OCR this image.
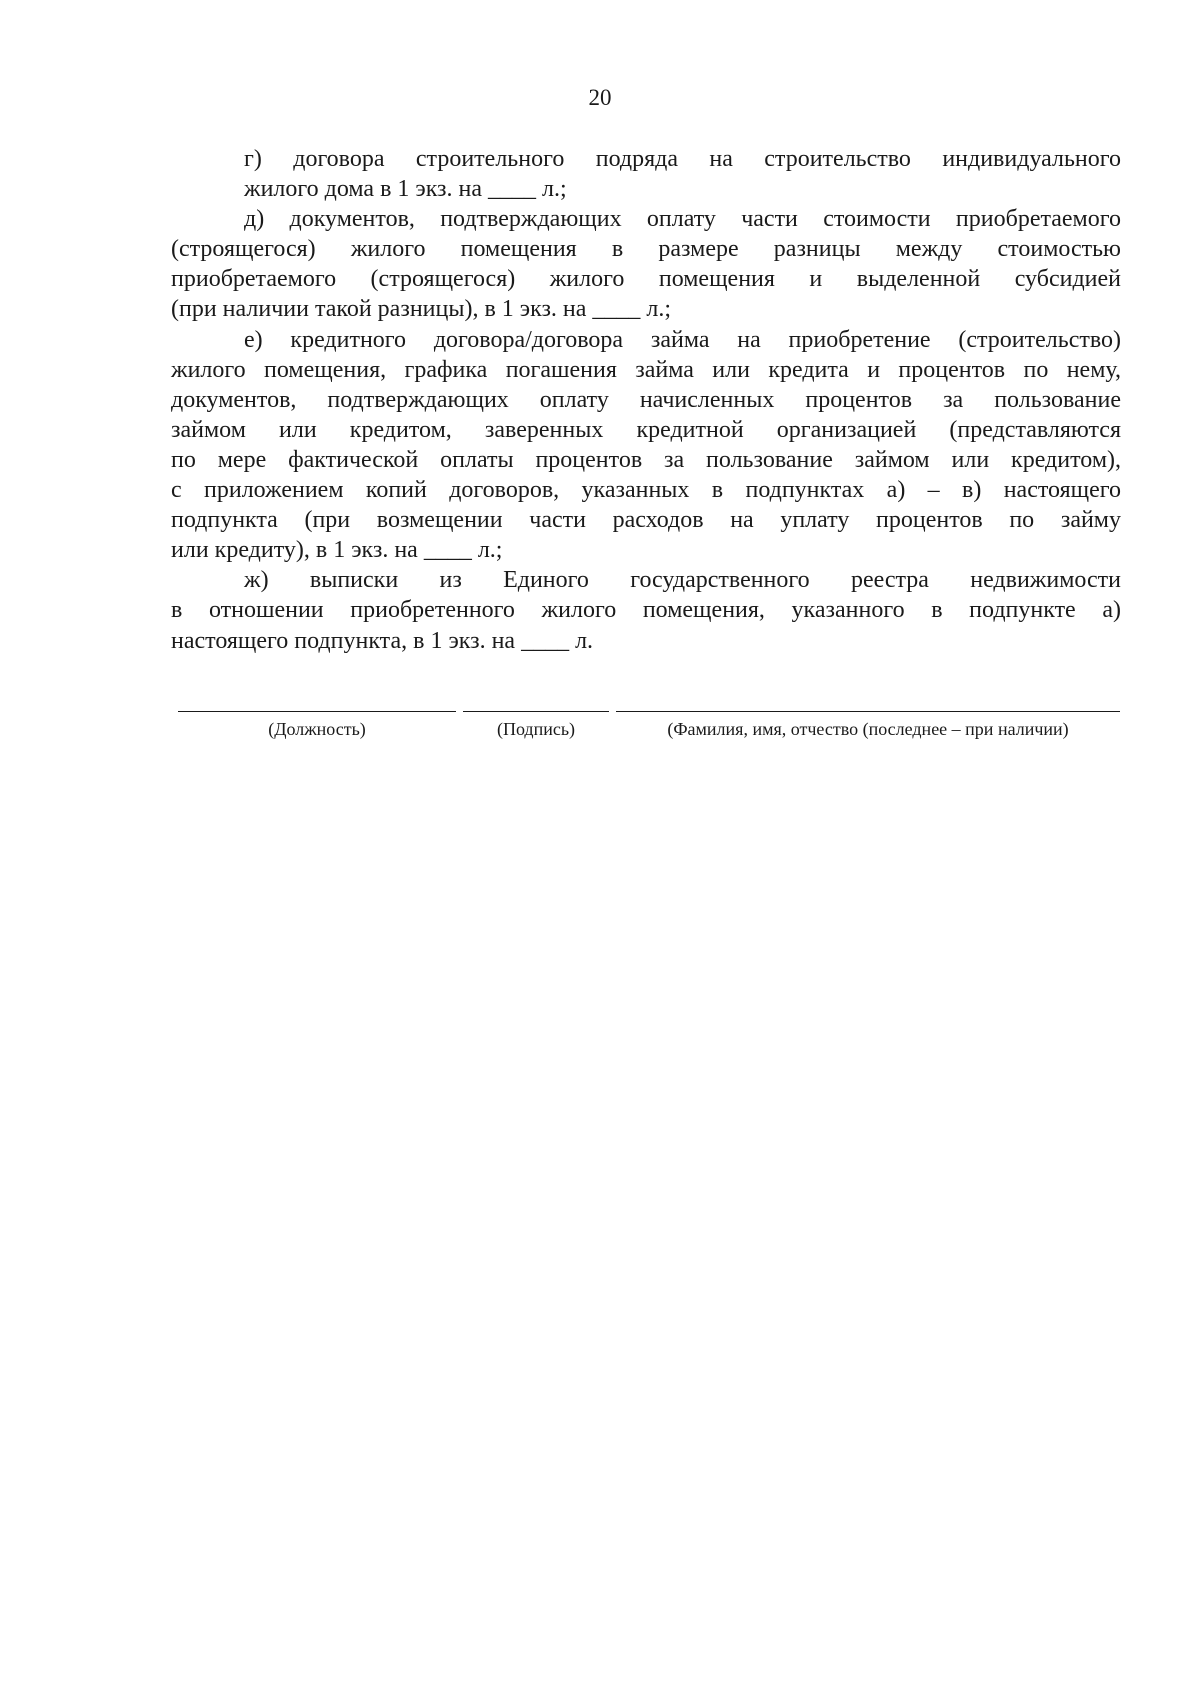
20

г) договора строительного подряда на строительство индивидуального
жилого дома в 1 экз. на ____ л.;

д) документов, подтверждающих оплату части стоимости приобретаемого
(строящегося) жилого помещения в размере разницы между стоимостью
приобретаемого (строящегося) жилого помещения и выделенной субсидией
(при наличии такой разницы), в 1 экз. на ____ л.;

е) кредитного договора/договора займа на приобретение (строительство)
жилого помещения, графика погашения займа или кредита и процентов по нему,
документов, подтверждающих оплату начисленных процентов за пользование
займом или кредитом, заверенных кредитной организацией (представляются
по мере фактической оплаты процентов за пользование займом или кредитом),
с приложением копий договоров, указанных в подпунктах а) – в) настоящего
подпункта (при возмещении части расходов на уплату процентов по займу
или кредиту), в 1 экз. на ____ л.;

ж) выписки из Единого государственного реестра недвижимости
в отношении приобретенного жилого помещения, указанного в подпункте а)
настоящего подпункта, в 1 экз. на ____ л.

(Должность)	(Подпись)	(Фамилия, имя, отчество (последнее – при наличии)
